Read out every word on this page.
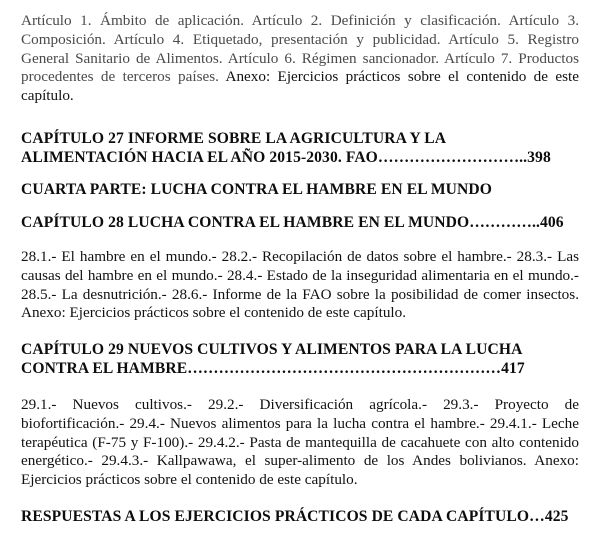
Artículo 1. Ámbito de aplicación. Artículo 2. Definición y clasificación. Artículo 3. Composición. Artículo 4. Etiquetado, presentación y publicidad. Artículo 5. Registro General Sanitario de Alimentos. Artículo 6. Régimen sancionador. Artículo 7. Productos procedentes de terceros países. Anexo: Ejercicios prácticos sobre el contenido de este capítulo.
CAPÍTULO 27 INFORME SOBRE LA AGRICULTURA Y LA
ALIMENTACIÓN HACIA EL AÑO 2015-2030. FAO………………………..398
CUARTA PARTE: LUCHA CONTRA EL HAMBRE EN EL MUNDO
CAPÍTULO 28 LUCHA CONTRA EL HAMBRE EN EL MUNDO…………..406
28.1.- El hambre en el mundo.- 28.2.- Recopilación de datos sobre el hambre.- 28.3.- Las causas del hambre en el mundo.- 28.4.- Estado de la inseguridad alimentaria en el mundo.- 28.5.- La desnutrición.- 28.6.- Informe de la FAO sobre la posibilidad de comer insectos. Anexo: Ejercicios prácticos sobre el contenido de este capítulo.
CAPÍTULO 29 NUEVOS CULTIVOS Y ALIMENTOS PARA LA LUCHA
CONTRA EL HAMBRE……………………………………………………417
29.1.- Nuevos cultivos.- 29.2.- Diversificación agrícola.- 29.3.- Proyecto de biofortificación.- 29.4.- Nuevos alimentos para la lucha contra el hambre.- 29.4.1.- Leche terapéutica (F-75 y F-100).- 29.4.2.- Pasta de mantequilla de cacahuete con alto contenido energético.- 29.4.3.- Kallpawawa, el super-alimento de los Andes bolivianos. Anexo: Ejercicios prácticos sobre el contenido de este capítulo.
RESPUESTAS A LOS EJERCICIOS PRÁCTICOS DE CADA CAPÍTULO…425
